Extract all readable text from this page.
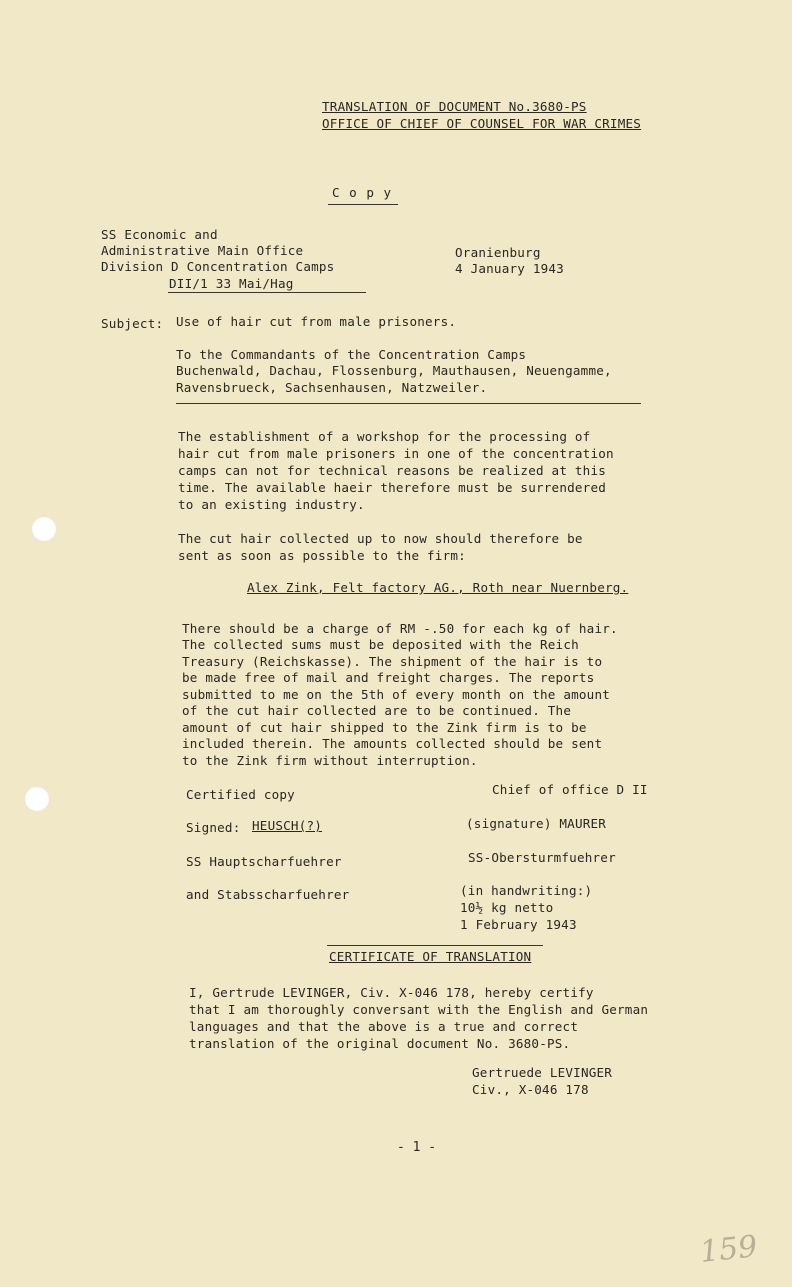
TRANSLATION OF DOCUMENT No.3680-PS
OFFICE OF CHIEF OF COUNSEL FOR WAR CRIMES
C o p y
SS Economic and
Administrative Main Office
Division D Concentration Camps
DII/1 33 Mai/Hag
Oranienburg
4 January 1943
Subject: Use of hair cut from male prisoners.
To the Commandants of the Concentration Camps
Buchenwald, Dachau, Flossenburg, Mauthausen, Neuengamme,
Ravensbrueck, Sachsenhausen, Natzweiler.
The establishment of a workshop for the processing of
hair cut from male prisoners in one of the concentration
camps can not for technical reasons be realized at this
time. The available haeir therefore must be surrendered
to an existing industry.
The cut hair collected up to now should therefore be
sent as soon as possible to the firm:
Alex Zink, Felt factory AG., Roth near Nuernberg.
There should be a charge of RM -.50 for each kg of hair.
The collected sums must be deposited with the Reich
Treasury (Reichskasse). The shipment of the hair is to
be made free of mail and freight charges. The reports
submitted to me on the 5th of every month on the amount
of the cut hair collected are to be continued. The
amount of cut hair shipped to the Zink firm is to be
included therein. The amounts collected should be sent
to the Zink firm without interruption.
Certified copy
Signed: HEUSCH(?)
SS Hauptscharfuehrer
and Stabsscharfuehrer
Chief of office D II
(signature) MAURER
SS-Obersturmfuehrer
(in handwriting:)
10½ kg netto
1 February 1943
CERTIFICATE OF TRANSLATION
I, Gertrude LEVINGER, Civ. X-046 178, hereby certify
that I am thoroughly conversant with the English and German
languages and that the above is a true and correct
translation of the original document No. 3680-PS.
Gertruede LEVINGER
Civ., X-046 178
- 1 -
159
